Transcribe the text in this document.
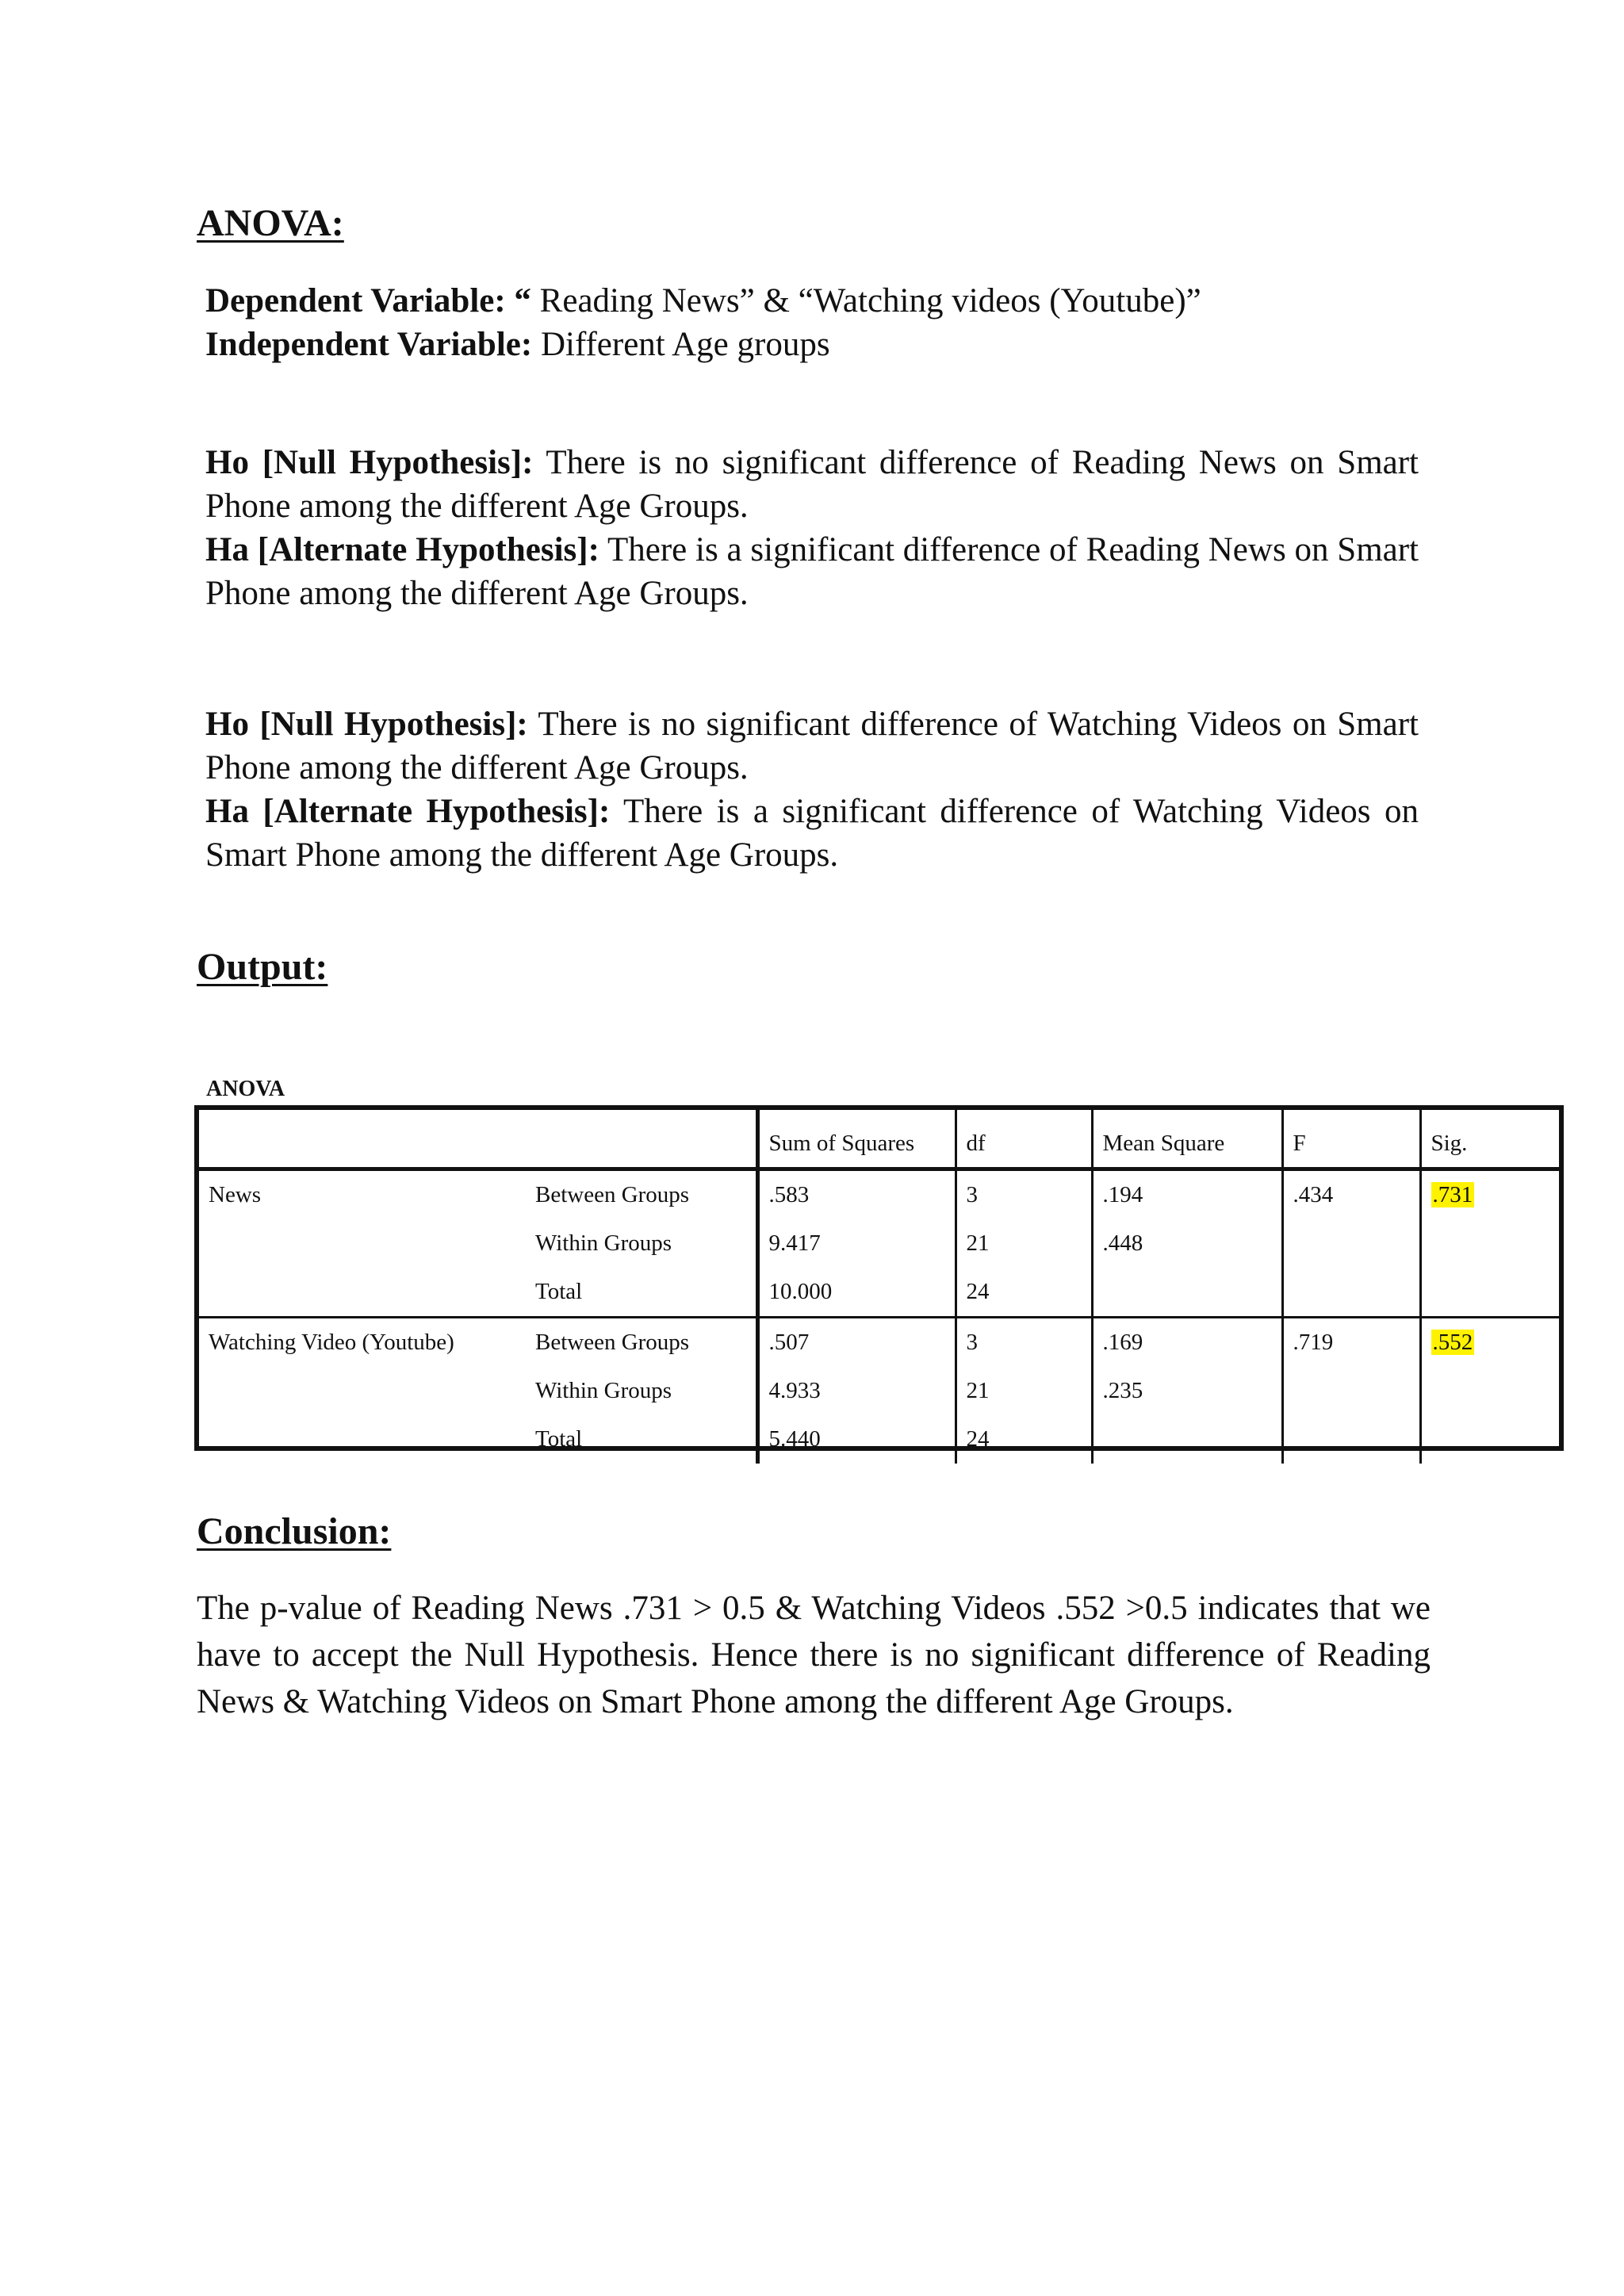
ANOVA:

Dependent Variable: “ Reading News” & “Watching videos (Youtube)”
Independent Variable: Different Age groups

Ho [Null Hypothesis]: There is no significant difference of Reading News on Smart Phone among the different Age Groups.

Ha [Alternate Hypothesis]: There is a significant difference of Reading News on Smart Phone among the different Age Groups.

Ho [Null Hypothesis]: There is no significant difference of Watching Videos on Smart Phone among the different Age Groups.

Ha [Alternate Hypothesis]: There is a significant difference of Watching Videos on Smart Phone among the different Age Groups.

Output:

ANOVA

		Sum of Squares	df	Mean Square	F	Sig.
News	Between Groups	.583	3	.194	.434	.731
	Within Groups	9.417	21	.448		
	Total	10.000	24			
Watching Video (Youtube)	Between Groups	.507	3	.169	.719	.552
	Within Groups	4.933	21	.235		
	Total	5.440	24			
Conclusion:

The p-value of Reading News .731 > 0.5 & Watching Videos .552 >0.5 indicates that we have to accept the Null Hypothesis. Hence there is no significant difference of Reading News & Watching Videos on Smart Phone among the different Age Groups.
